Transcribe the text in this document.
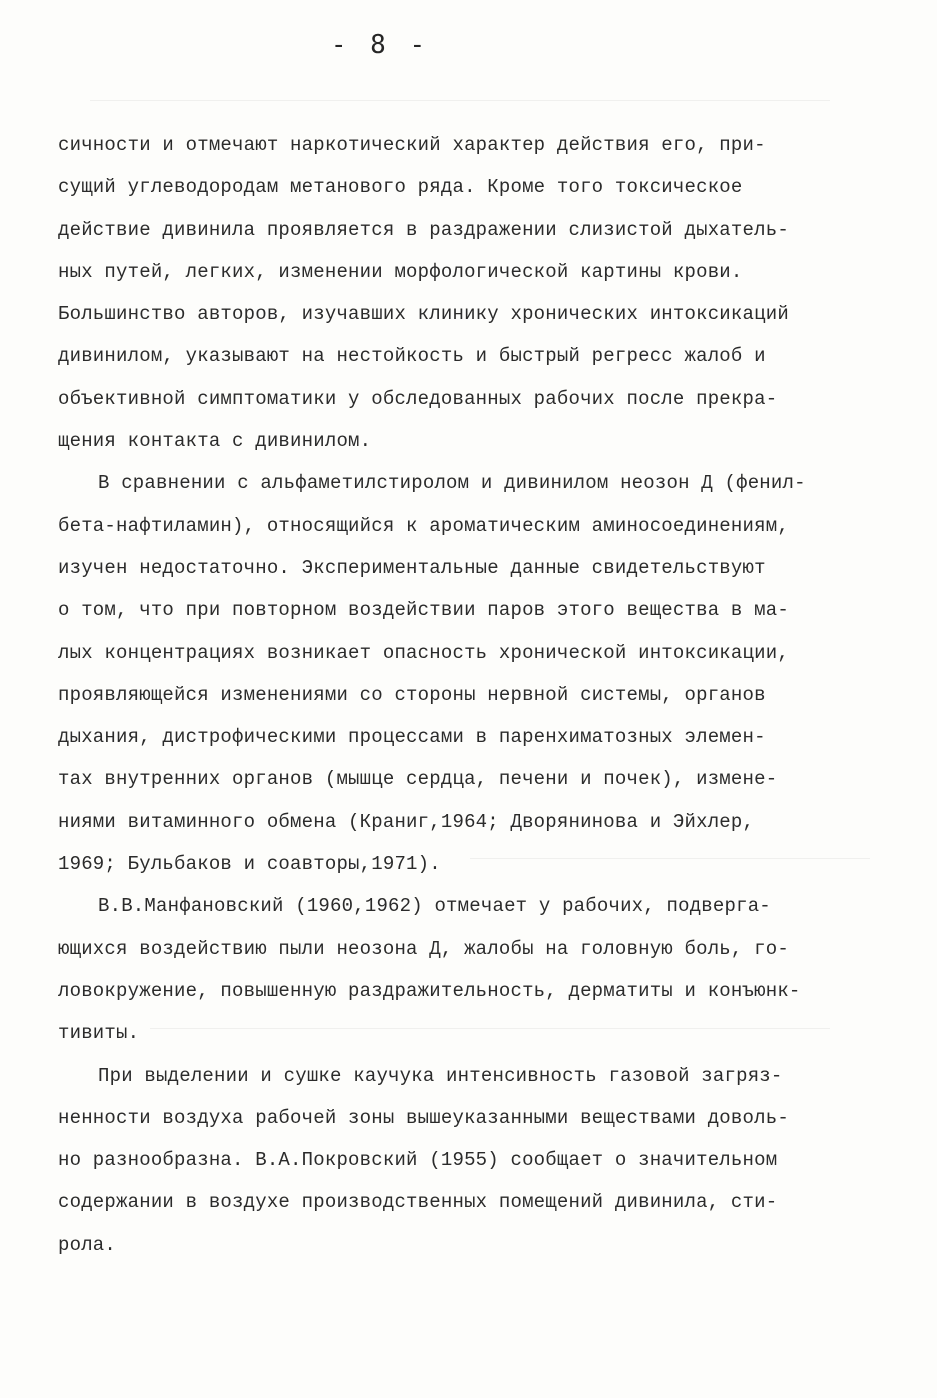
- 8 -
сичности и отмечают наркотический характер действия его, при-
сущий углеводородам метанового ряда. Кроме того токсическое
действие дивинила проявляется в раздражении слизистой дыхатель-
ных путей, легких, изменении морфологической картины крови.
Большинство авторов, изучавших клинику хронических интоксикаций
дивинилом, указывают на нестойкость и быстрый регресс жалоб и
объективной симптоматики у обследованных рабочих после прекра-
щения контакта с дивинилом.
В сравнении с альфаметилстиролом и дивинилом неозон Д (фенил-
бета-нафтиламин), относящийся к ароматическим аминосоединениям,
изучен недостаточно. Экспериментальные данные свидетельствуют
о том, что при повторном воздействии паров этого вещества в ма-
лых концентрациях возникает опасность хронической интоксикации,
проявляющейся изменениями со стороны нервной системы, органов
дыхания, дистрофическими процессами в паренхиматозных элемен-
тах внутренних органов (мышце сердца, печени и почек), измене-
ниями витаминного обмена (Краниг,1964; Дворянинова и Эйхлер,
1969; Бульбаков и соавторы,1971).
В.В.Манфановский (1960,1962) отмечает у рабочих, подверга-
ющихся воздействию пыли неозона Д, жалобы на головную боль, го-
ловокружение, повышенную раздражительность, дерматиты и конъюнк-
тивиты.
При выделении и сушке каучука интенсивность газовой загряз-
ненности воздуха рабочей зоны вышеуказанными веществами доволь-
но разнообразна. В.А.Покровский (1955) сообщает о значительном
содержании в воздухе производственных помещений дивинила, сти-
рола.
